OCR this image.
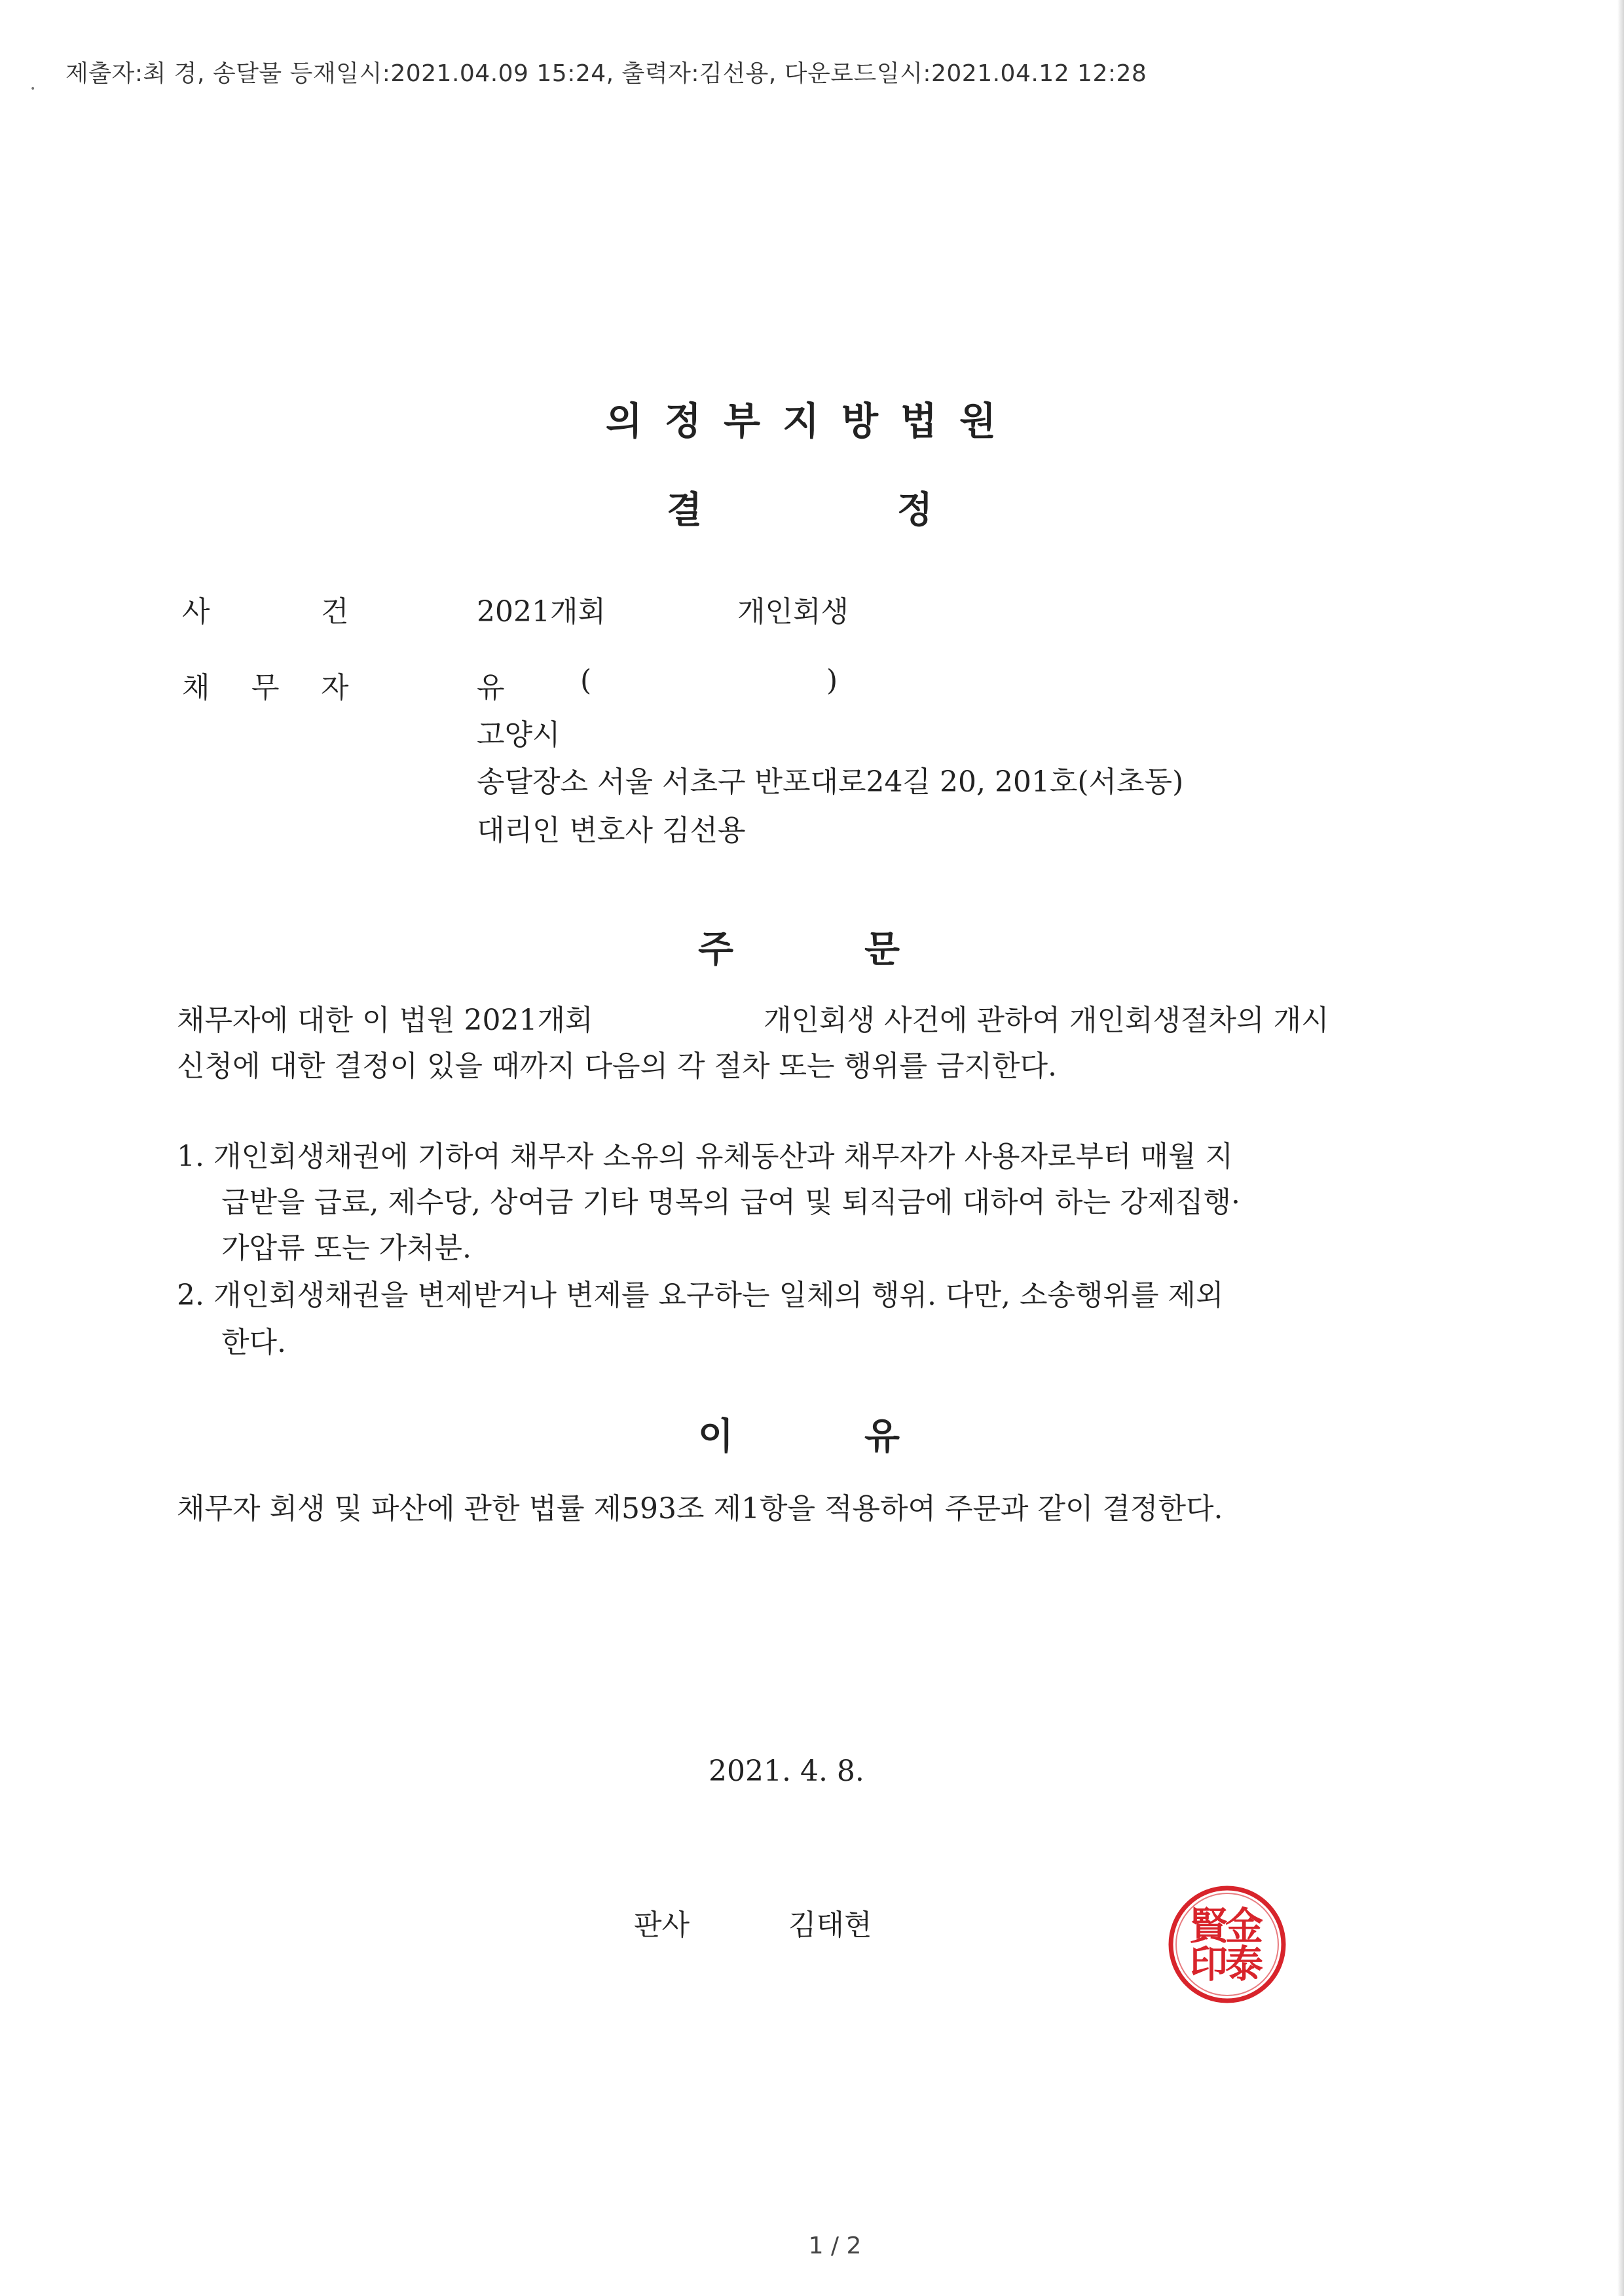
제출자:최 경, 송달물 등재일시:2021.04.09 15:24, 출력자:김선용, 다운로드일시:2021.04.12 12:28
•
의정부지방법원
결	정
사	건	2021개회	개인회생
채 무 자	유	(	)
고양시
송달장소 서울 서초구 반포대로24길 20, 201호(서초동)
대리인 변호사 김선용
주	문
채무자에 대한 이 법원 2021개회	개인회생 사건에 관하여 개인회생절차의 개시
신청에 대한 결정이 있을 때까지 다음의 각 절차 또는 행위를 금지한다.
1. 개인회생채권에 기하여 채무자 소유의 유체동산과 채무자가 사용자로부터 매월 지
급받을 급료, 제수당, 상여금 기타 명목의 급여 및 퇴직금에 대하여 하는 강제집행·
가압류 또는 가처분.
2. 개인회생채권을 변제받거나 변제를 요구하는 일체의 행위. 다만, 소송행위를 제외
한다.
이	유
채무자 회생 및 파산에 관한 법률 제593조 제1항을 적용하여 주문과 같이 결정한다.
2021. 4. 8.
판사	김태현	金
泰
賢
印
1 / 2
